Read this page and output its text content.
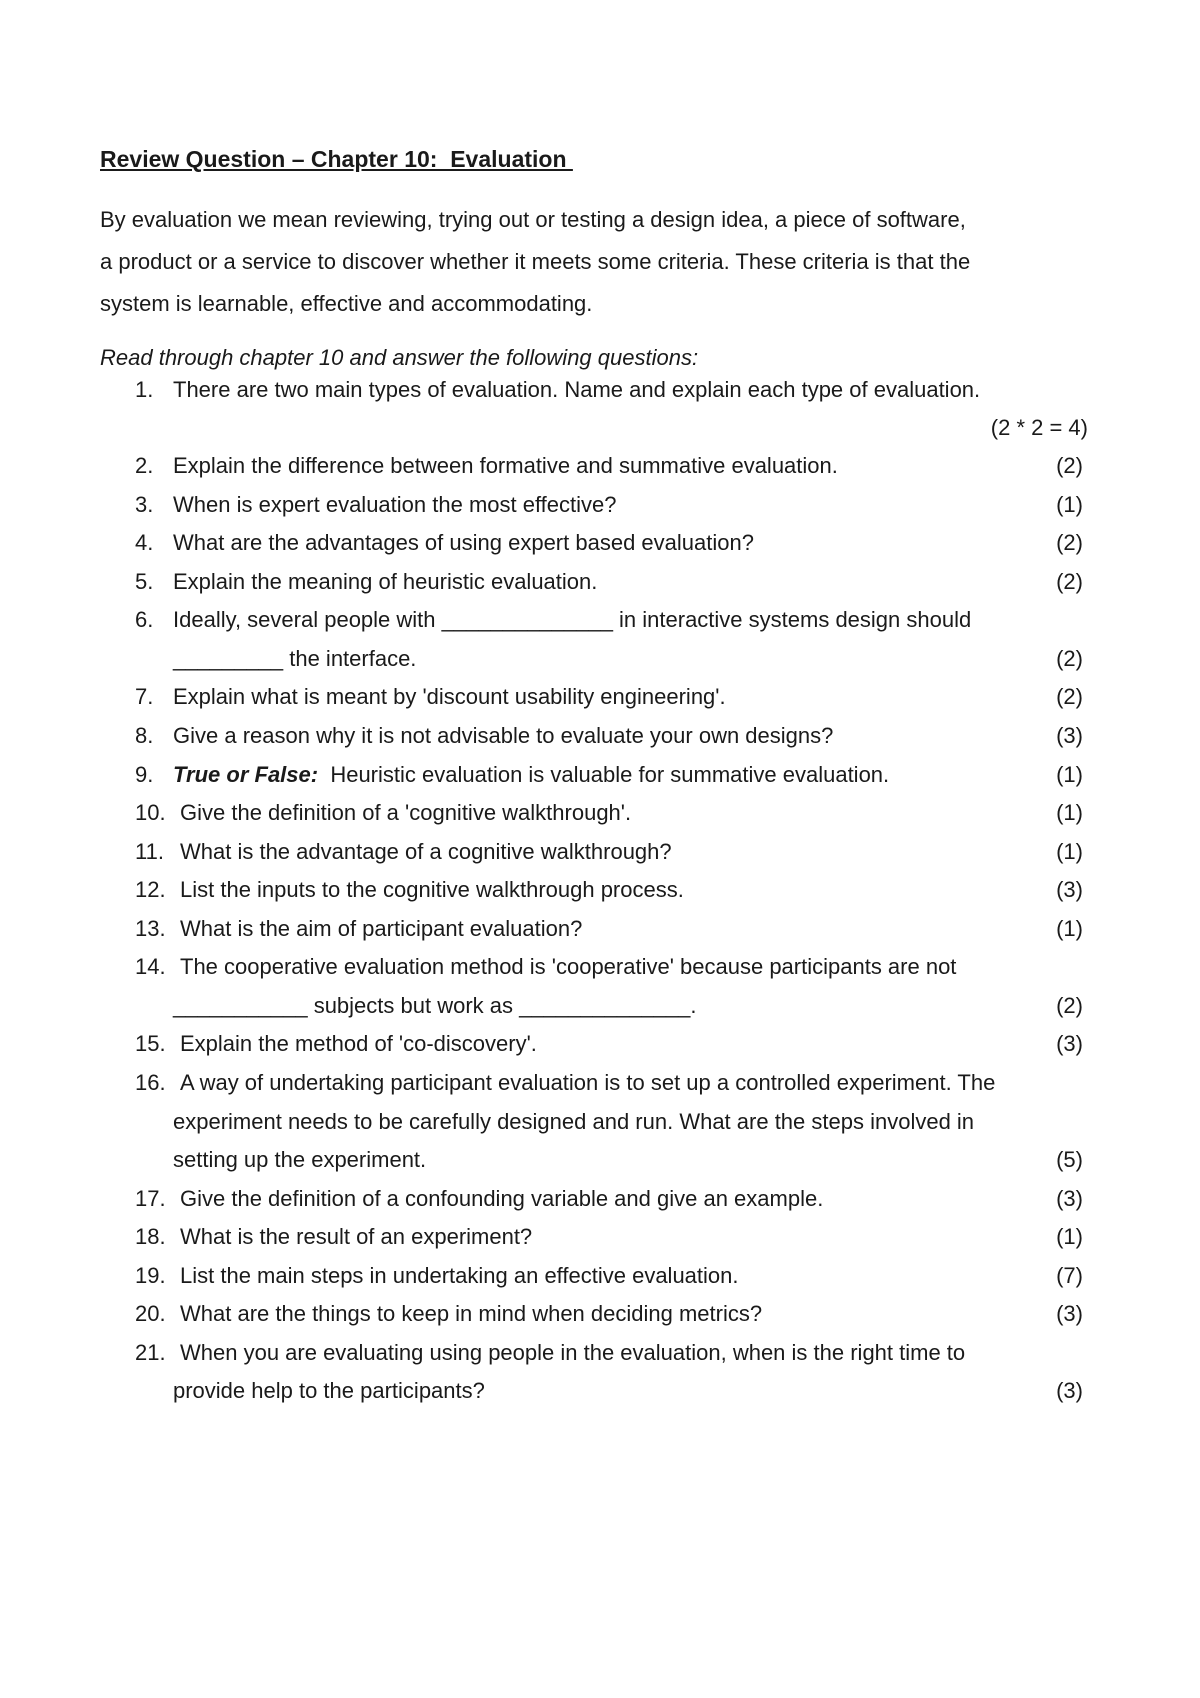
Review Question – Chapter 10:  Evaluation

By evaluation we mean reviewing, trying out or testing a design idea, a piece of software,
a product or a service to discover whether it meets some criteria. These criteria is that the
system is learnable, effective and accommodating.

Read through chapter 10 and answer the following questions:

1. There are two main types of evaluation. Name and explain each type of evaluation.
(2 * 2 = 4)
2. Explain the difference between formative and summative evaluation.	(2)
3. When is expert evaluation the most effective?	(1)
4. What are the advantages of using expert based evaluation?	(2)
5. Explain the meaning of heuristic evaluation.	(2)
6. Ideally, several people with ______________ in interactive systems design should
_________ the interface.	(2)
7. Explain what is meant by 'discount usability engineering'.	(2)
8. Give a reason why it is not advisable to evaluate your own designs?	(3)
9. True or False:  Heuristic evaluation is valuable for summative evaluation.	(1)
10. Give the definition of a 'cognitive walkthrough'.	(1)
11. What is the advantage of a cognitive walkthrough?	(1)
12. List the inputs to the cognitive walkthrough process.	(3)
13. What is the aim of participant evaluation?	(1)
14. The cooperative evaluation method is 'cooperative' because participants are not
___________ subjects but work as ______________.	(2)
15. Explain the method of 'co-discovery'.	(3)
16. A way of undertaking participant evaluation is to set up a controlled experiment. The
experiment needs to be carefully designed and run. What are the steps involved in
setting up the experiment.	(5)
17. Give the definition of a confounding variable and give an example.	(3)
18. What is the result of an experiment?	(1)
19. List the main steps in undertaking an effective evaluation.	(7)
20. What are the things to keep in mind when deciding metrics?	(3)
21. When you are evaluating using people in the evaluation, when is the right time to
provide help to the participants?	(3)
